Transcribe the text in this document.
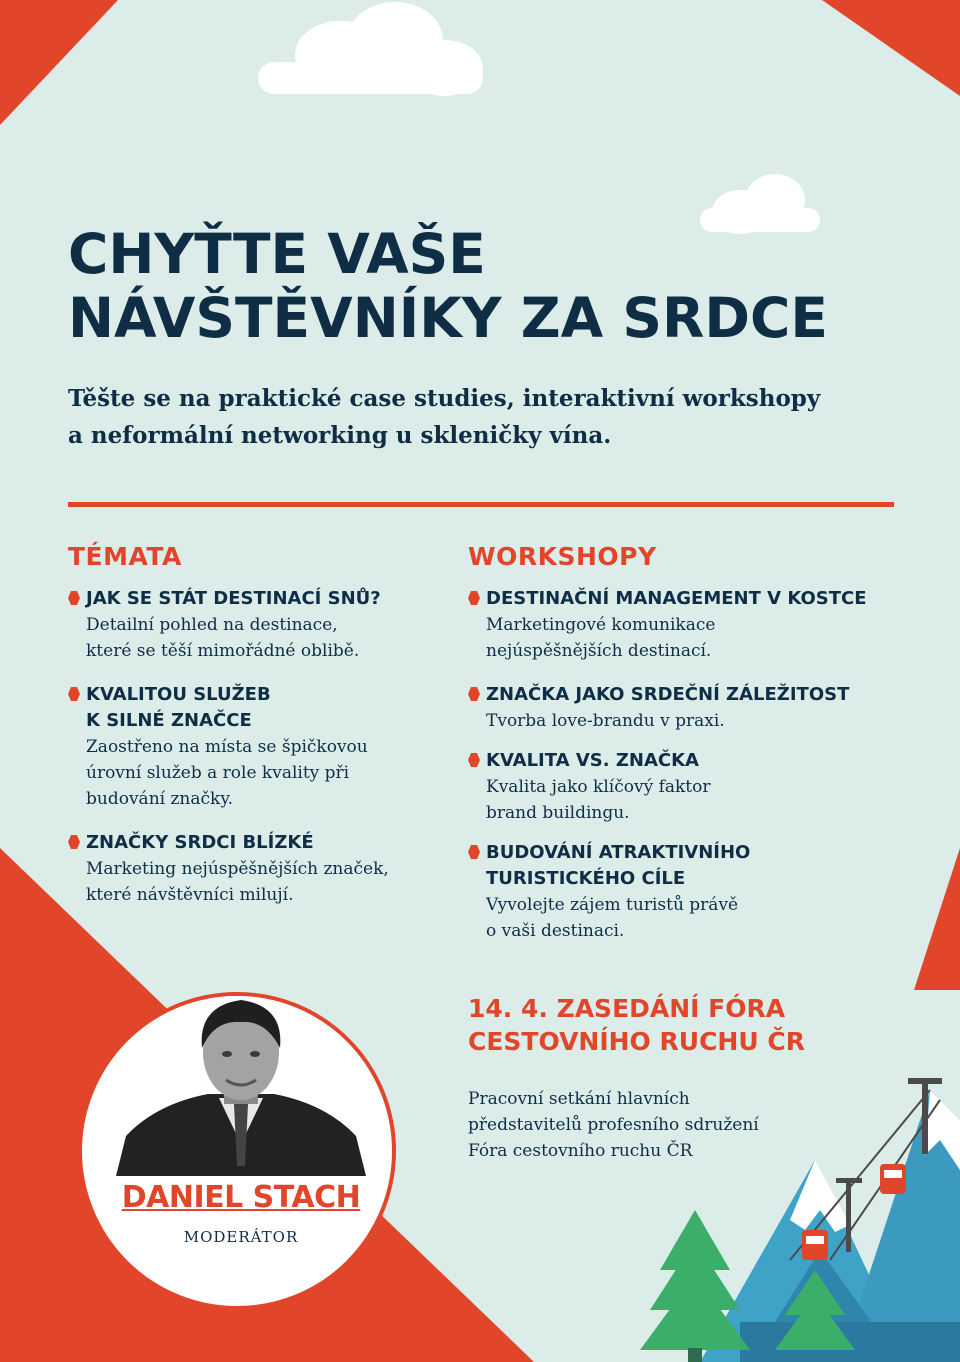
CHYŤTE VAŠE
NÁVŠTĚVNÍKY ZA SRDCE
Těšte se na praktické case studies, interaktivní workshopy
a neformální networking u skleničky vína.
TÉMATA
JAK SE STÁT DESTINACÍ SNŮ?
Detailní pohled na destinace,
které se těší mimořádné oblibě.
KVALITOU SLUŽEB
K SILNÉ ZNAČCE
Zaostřeno na místa se špičkovou
úrovní služeb a role kvality při
budování značky.
ZNAČKY SRDCI BLÍZKÉ
Marketing nejúspěšnějších značek,
které návštěvníci milují.
WORKSHOPY
DESTINAČNÍ MANAGEMENT V KOSTCE
Marketingové komunikace
nejúspěšnějších destinací.
ZNAČKA JAKO SRDEČNÍ ZÁLEŽITOST
Tvorba love-brandu v praxi.
KVALITA VS. ZNAČKA
Kvalita jako klíčový faktor
brand buildingu.
BUDOVÁNÍ ATRAKTIVNÍHO
TURISTICKÉHO CÍLE
Vyvolejte zájem turistů právě
o vaši destinaci.
14. 4. ZASEDÁNÍ FÓRA
CESTOVNÍHO RUCHU ČR
Pracovní setkání hlavních
představitelů profesního sdružení
Fóra cestovního ruchu ČR
DANIEL STACH
MODERÁTOR
